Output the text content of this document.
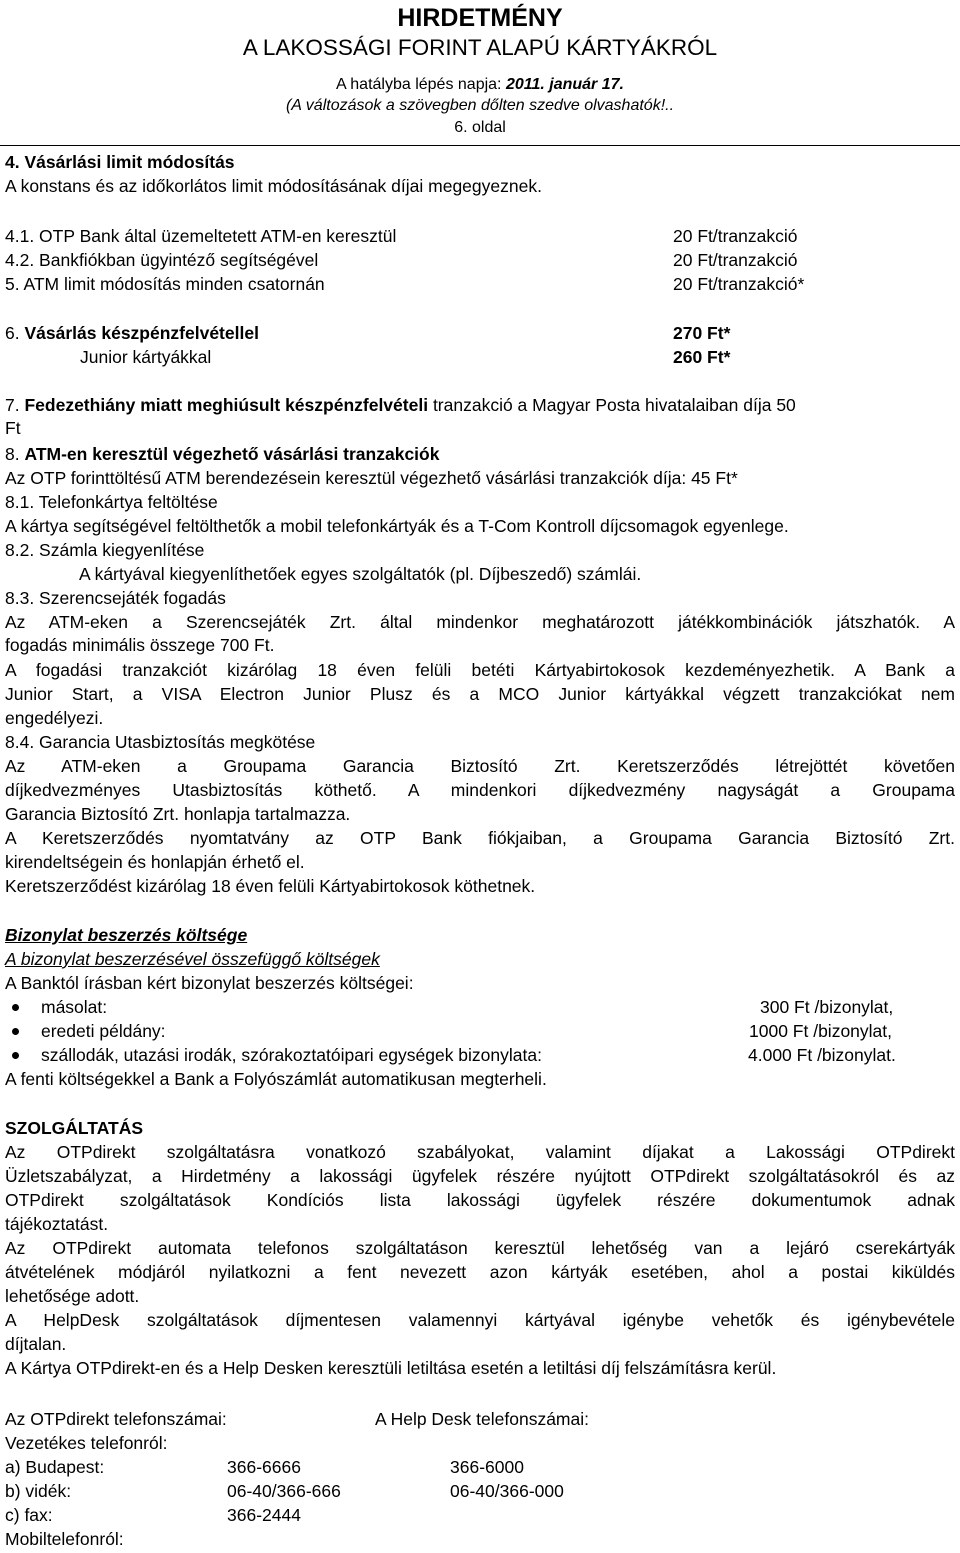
HIRDETMÉNY
A LAKOSSÁGI FORINT ALAPÚ KÁRTYÁKRÓL
A hatályba lépés napja: 2011. január 17.
(A változások a szövegben dőlten szedve olvashatók!..
6. oldal
4. Vásárlási limit módosítás
A konstans és az időkorlátos limit módosításának díjai megegyeznek.
4.1. OTP Bank által üzemeltetett ATM-en keresztül	20 Ft/tranzakció
4.2. Bankfiókban ügyintéző segítségével	20 Ft/tranzakció
5. ATM limit módosítás minden csatornán	20 Ft/tranzakció*
6. Vásárlás készpénzfelvétellel	270 Ft*
Junior kártyákkal	260 Ft*
7. Fedezethiány miatt meghiúsult készpénzfelvételi tranzakció a Magyar Posta hivatalaiban díja 50
Ft
8. ATM-en keresztül végezhető vásárlási tranzakciók
Az OTP forinttöltésű ATM berendezésein keresztül végezhető vásárlási tranzakciók díja: 45 Ft*
8.1. Telefonkártya feltöltése
A kártya segítségével feltölthetők a mobil telefonkártyák és a T-Com Kontroll díjcsomagok egyenlege.
8.2. Számla kiegyenlítése
A kártyával kiegyenlíthetőek egyes szolgáltatók (pl. Díjbeszedő) számlái.
8.3. Szerencsejáték fogadás
Az ATM-eken a Szerencsejáték Zrt. által mindenkor meghatározott játékkombinációk játszhatók. A
fogadás minimális összege 700 Ft.
A fogadási tranzakciót kizárólag 18 éven felüli betéti Kártyabirtokosok kezdeményezhetik. A Bank a
Junior Start, a VISA Electron Junior Plusz és a MCO Junior kártyákkal végzett tranzakciókat nem
engedélyezi.
8.4. Garancia Utasbiztosítás megkötése
Az ATM-eken a Groupama Garancia Biztosító Zrt. Keretszerződés létrejöttét követően
díjkedvezményes Utasbiztosítás köthető. A mindenkori díjkedvezmény nagyságát a Groupama
Garancia Biztosító Zrt. honlapja tartalmazza.
A Keretszerződés nyomtatvány az OTP Bank fiókjaiban, a Groupama Garancia Biztosító Zrt.
kirendeltségein és honlapján érhető el.
Keretszerződést kizárólag 18 éven felüli Kártyabirtokosok köthetnek.
Bizonylat beszerzés költsége
A bizonylat beszerzésével összefüggő költségek
A Banktól írásban kért bizonylat beszerzés költségei:
másolat:	300 Ft /bizonylat,
eredeti példány:	1000 Ft /bizonylat,
szállodák, utazási irodák, szórakoztatóipari egységek bizonylata:	4.000 Ft /bizonylat.
A fenti költségekkel a Bank a Folyószámlát automatikusan megterheli.
SZOLGÁLTATÁS
Az OTPdirekt szolgáltatásra vonatkozó szabályokat, valamint díjakat a Lakossági OTPdirekt
Üzletszabályzat, a Hirdetmény a lakossági ügyfelek részére nyújtott OTPdirekt szolgáltatásokról és az
OTPdirekt szolgáltatások Kondíciós lista lakossági ügyfelek részére dokumentumok adnak
tájékoztatást.
Az OTPdirekt automata telefonos szolgáltatáson keresztül lehetőség van a lejáró cserekártyák
átvételének módjáról nyilatkozni a fent nevezett azon kártyák esetében, ahol a postai kiküldés
lehetősége adott.
A HelpDesk szolgáltatások díjmentesen valamennyi kártyával igénybe vehetők és igénybevétele
díjtalan.
A Kártya OTPdirekt-en és a Help Desken keresztüli letiltása esetén a letiltási díj felszámításra kerül.
Az OTPdirekt telefonszámai:	A Help Desk telefonszámai:
Vezetékes telefonról:
a) Budapest:	366-6666	366-6000
b) vidék:	06-40/366-666	06-40/366-000
c) fax:	366-2444
Mobiltelefonról:
